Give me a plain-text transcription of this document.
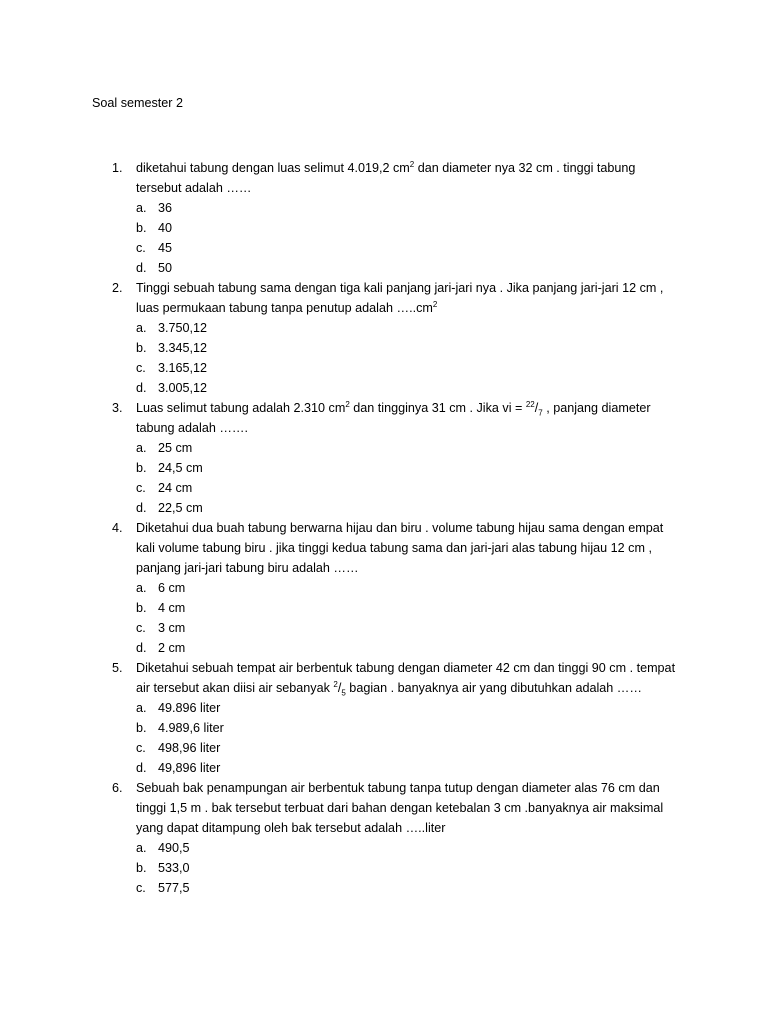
Soal semester 2
1. diketahui tabung dengan luas selimut 4.019,2 $cm^2$ dan diameter nya 32 cm . tinggi tabung tersebut adalah ……

a. 36
b. 40
c. 45
d. 50
2. Tinggi sebuah tabung sama dengan tiga kali panjang jari-jari nya . Jika panjang jari-jari 12 cm , luas permukaan tabung tanpa penutup adalah $\dots..cm^2$

a. 3.750,12
b. 3.345,12
c. 3.165,12
d. 3.005,12
3. Luas selimut tabung adalah 2.310 $cm^2$ dan tingginya 31 cm . Jika vi = $^{22}/_7$ , panjang diameter tabung adalah …….

a. 25 cm
b. 24,5 cm
c. 24 cm
d. 22,5 cm
4. Diketahui dua buah tabung berwarna hijau dan biru . volume tabung hijau sama dengan empat kali volume tabung biru . jika tinggi kedua tabung sama dan jari-jari alas tabung hijau 12 cm , panjang jari-jari tabung biru adalah ……

a. 6 cm
b. 4 cm
c. 3 cm
d. 2 cm
5. Diketahui sebuah tempat air berbentuk tabung dengan diameter 42 cm dan tinggi 90 cm . tempat air tersebut akan diisi air sebanyak $^2/_5$ bagian . banyaknya air yang dibutuhkan adalah ……

a. 49.896 liter
b. 4.989,6 liter
c. 498,96 liter
d. 49,896 liter
6. Sebuah bak penampungan air berbentuk tabung tanpa tutup dengan diameter alas 76 cm dan tinggi 1,5 m . bak tersebut terbuat dari bahan dengan ketebalan 3 cm .banyaknya air maksimal yang dapat ditampung oleh bak tersebut adalah …..liter

a. 490,5
b. 533,0
c. 577,5
